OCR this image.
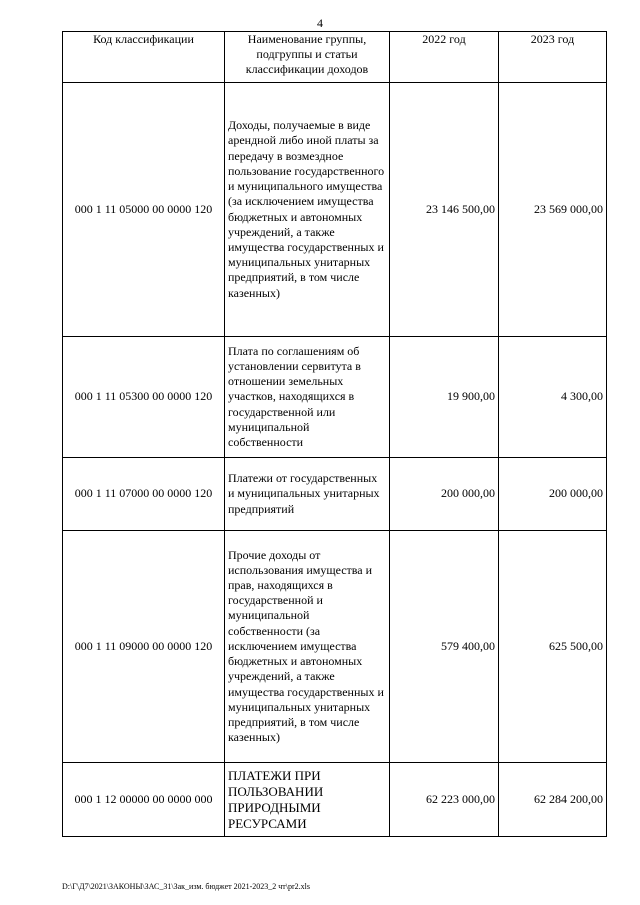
4
Код классификации	Наименование группы, подгруппы и статьи классификации доходов	2022 год	2023 год
000 1 11 05000 00 0000 120	Доходы, получаемые в виде арендной либо иной платы за передачу в возмездное пользование государственного и муниципального имущества (за исключением имущества бюджетных и автономных учреждений, а также имущества государственных и муниципальных унитарных предприятий, в том числе казенных)	23 146 500,00	23 569 000,00
000 1 11 05300 00 0000 120	Плата по соглашениям об установлении сервитута в отношении земельных участков, находящихся в государственной или муниципальной собственности	19 900,00	4 300,00
000 1 11 07000 00 0000 120	Платежи от государственных и муниципальных унитарных предприятий	200 000,00	200 000,00
000 1 11 09000 00 0000 120	Прочие доходы от использования имущества и прав, находящихся в государственной и муниципальной собственности (за исключением имущества бюджетных и автономных учреждений, а также имущества государственных и муниципальных унитарных предприятий, в том числе казенных)	579 400,00	625 500,00
000 1 12 00000 00 0000 000	ПЛАТЕЖИ ПРИ ПОЛЬЗОВАНИИ ПРИРОДНЫМИ РЕСУРСАМИ	62 223 000,00	62 284 200,00
D:\Г\Д7\2021\ЗАКОНЫ\ЗАС_31\Зак_изм. бюджет 2021-2023_2 чт\pr2.xls
